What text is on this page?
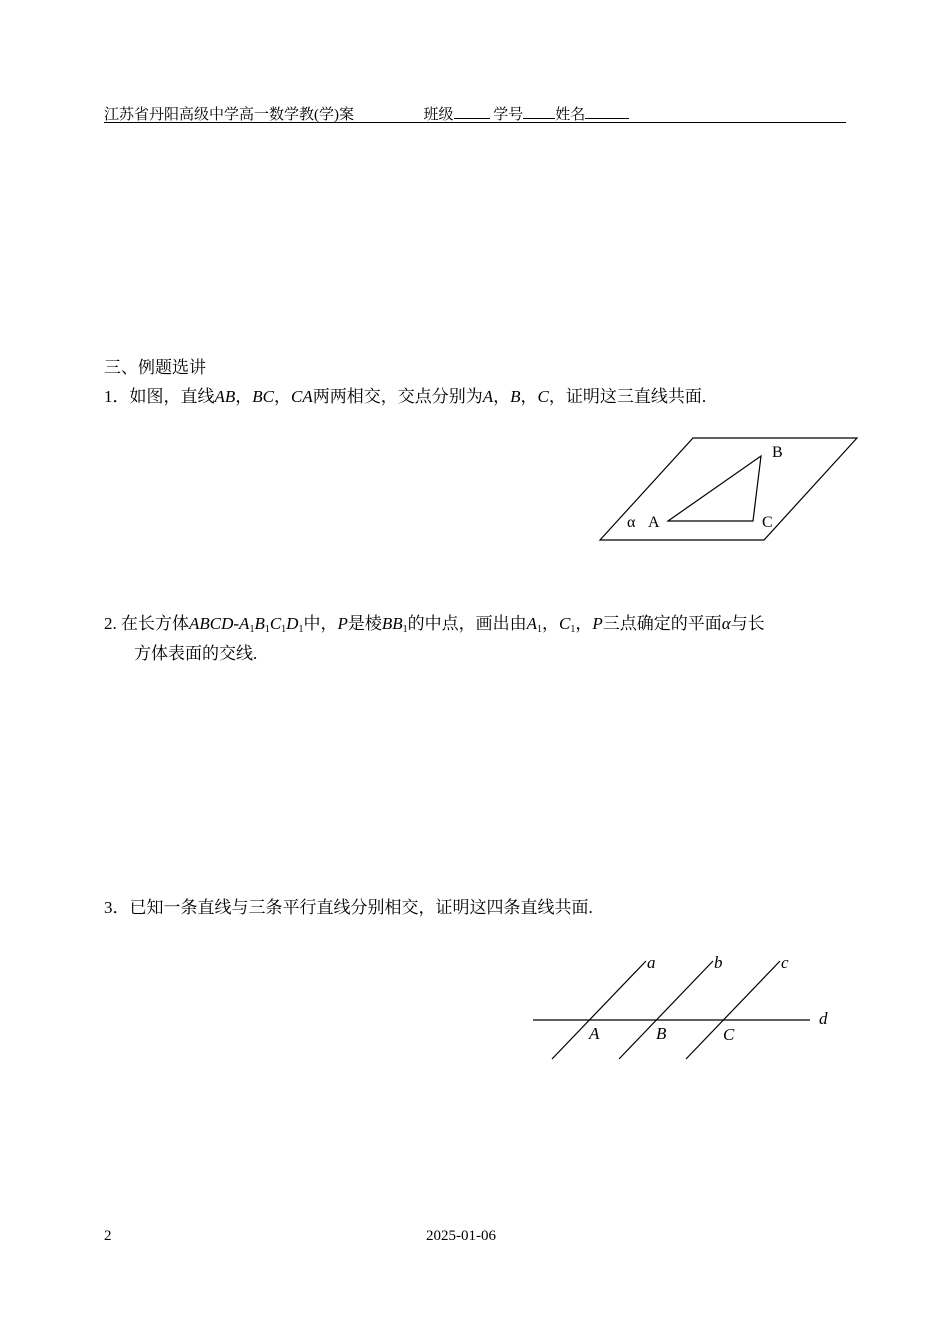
江苏省丹阳高级中学高一数学教(学)案	班级	学号 姓名
三、例题选讲
1．如图，直线AB，BC，CA两两相交，交点分别为A，B，C，证明这三直线共面.
α A
B
C
2. 在长方体ABCD-$A_1B_1C_1D_1$中，P是棱$BB_1$的中点，画出由$A_1$，$C_1$，P三点确定的平面α与长
方体表面的交线.
3．已知一条直线与三条平行直线分别相交，证明这四条直线共面.
a	b	c
d
A	B	C
2	2025-01-06
